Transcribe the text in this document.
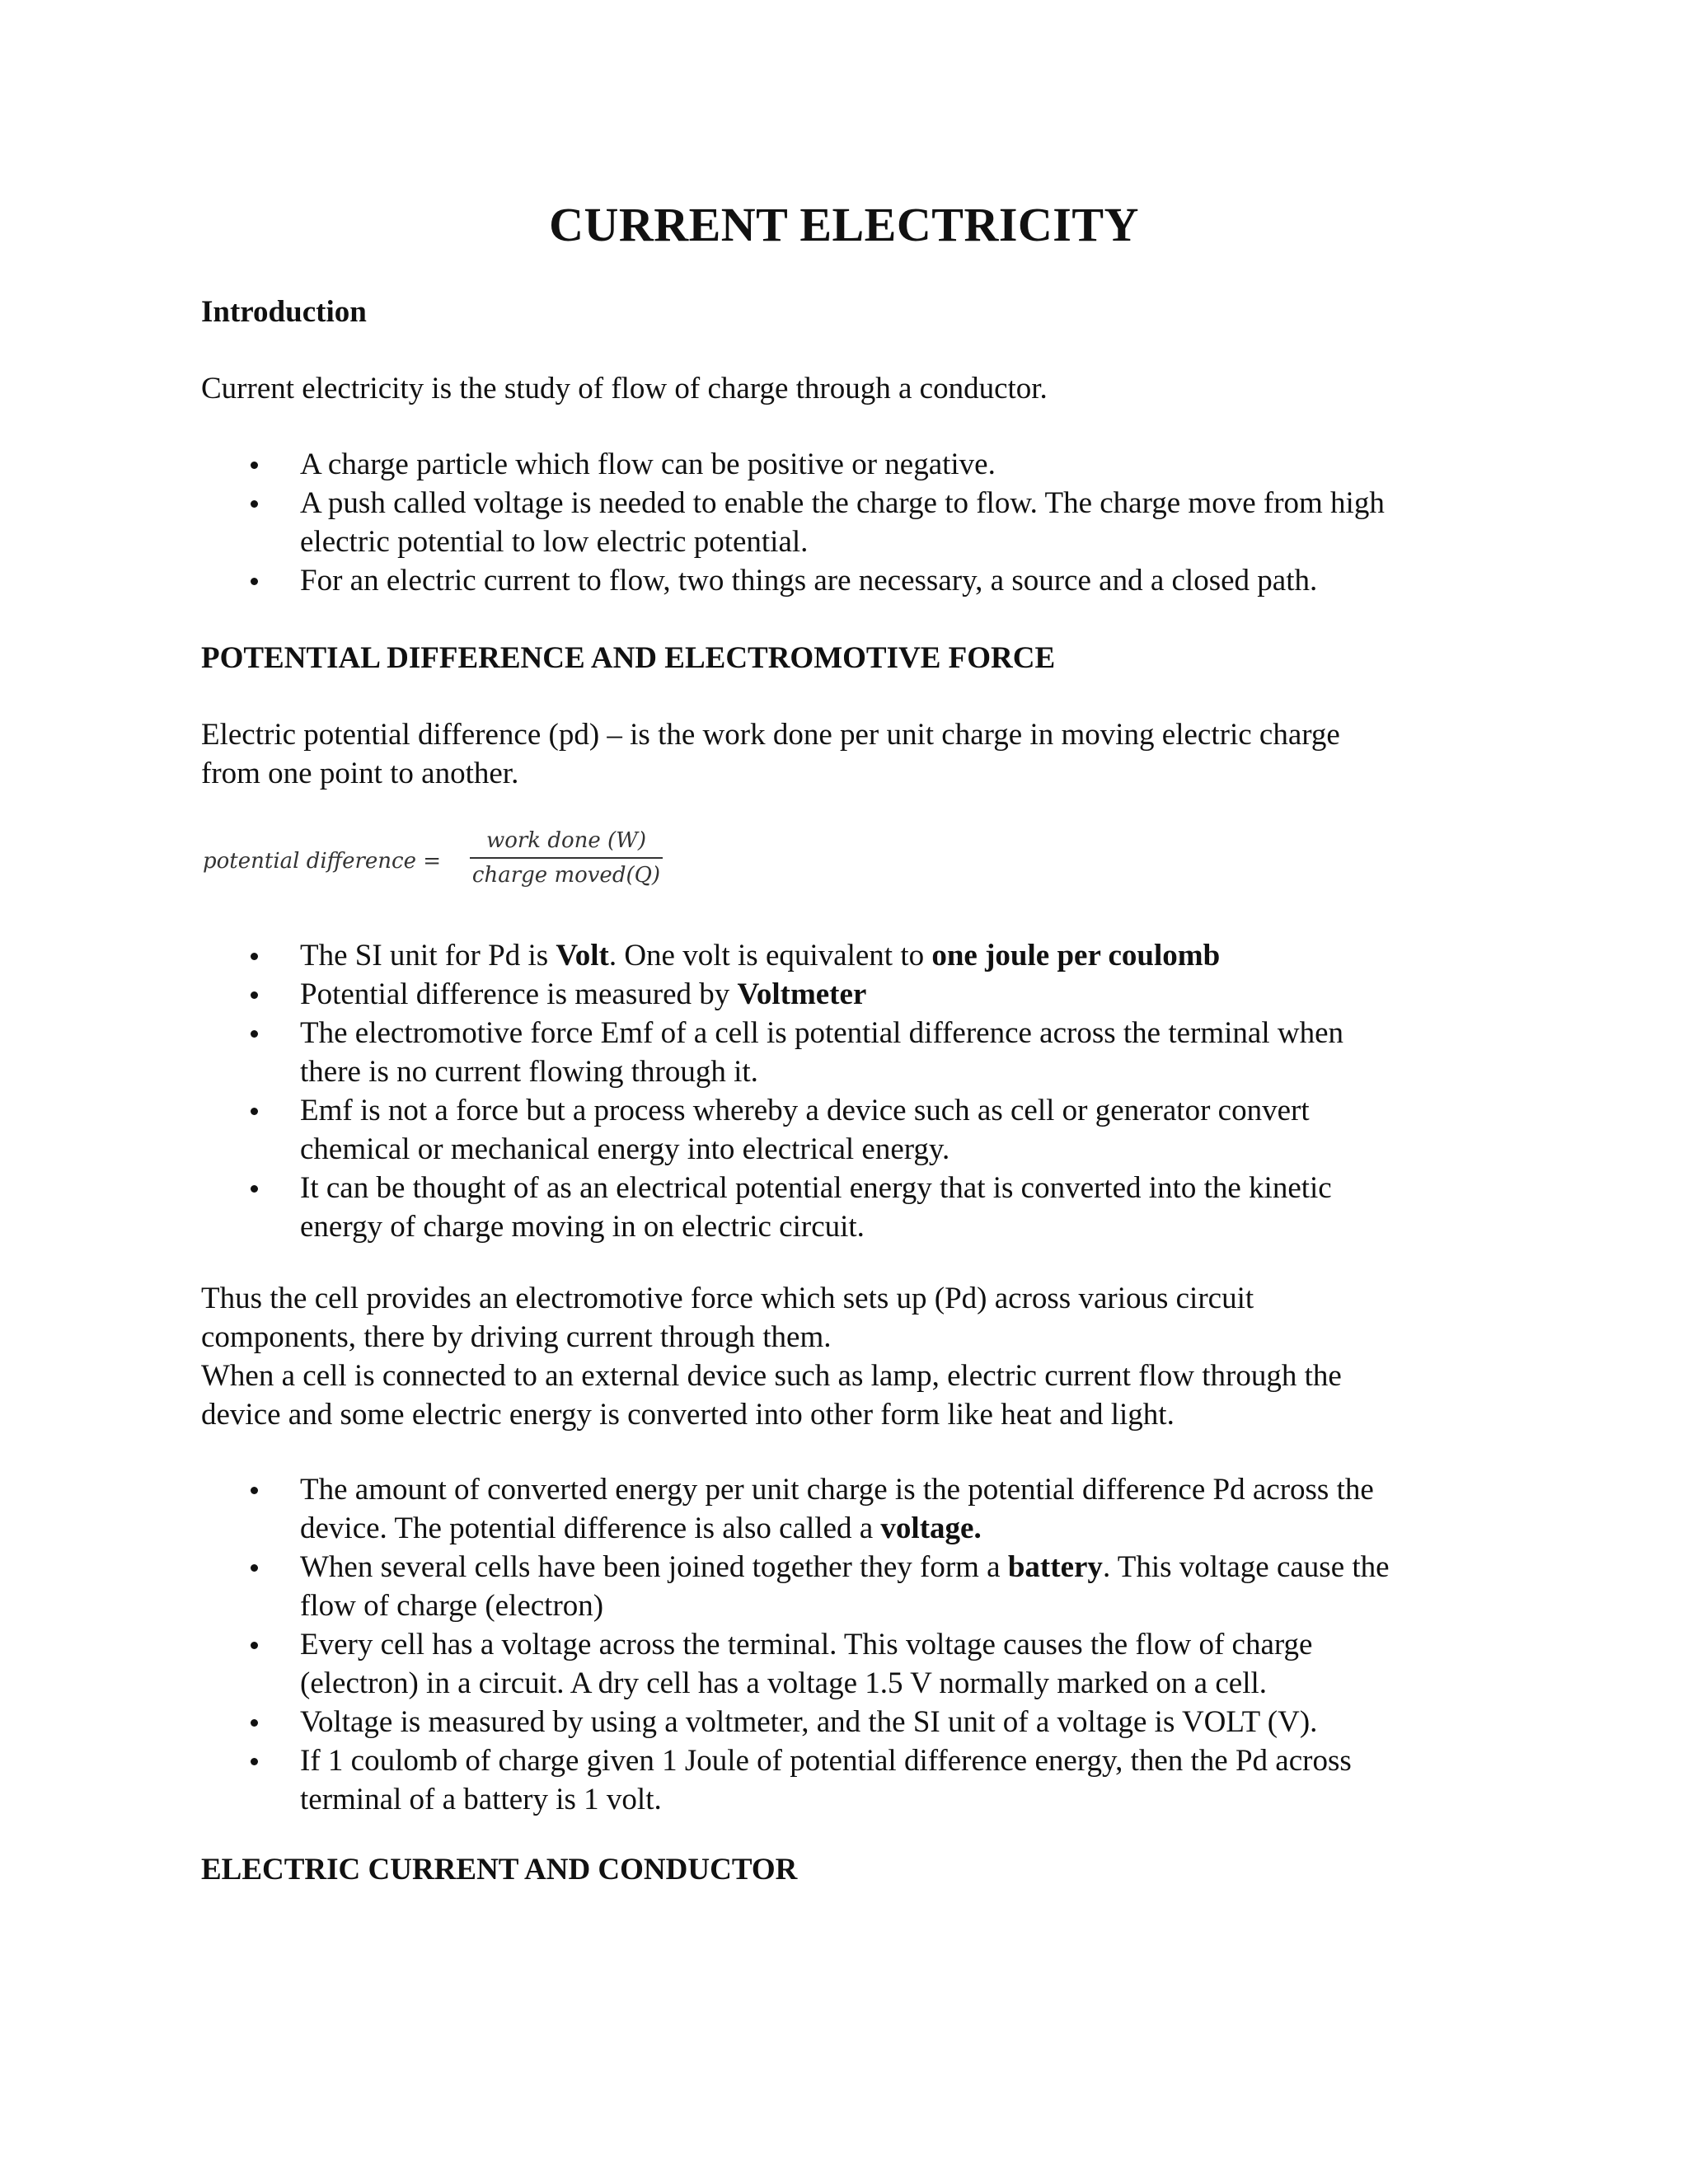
CURRENT ELECTRICITY
Introduction
Current electricity is the study of flow of charge through a conductor.
A charge particle which flow can be positive or negative.
A push called voltage is needed to enable the charge to flow. The charge move from high
electric potential to low electric potential.
For an electric current to flow, two things are necessary, a source and a closed path.
POTENTIAL DIFFERENCE AND ELECTROMOTIVE FORCE
Electric potential difference (pd) – is the work done per unit charge in moving electric charge
from one point to another.
potential difference =
work done (W)
charge moved(Q)
The SI unit for Pd is Volt. One volt is equivalent to one joule per coulomb
Potential difference is measured by Voltmeter
The electromotive force Emf of a cell is potential difference across the terminal when
there is no current flowing through it.
Emf is not a force but a process whereby a device such as cell or generator convert
chemical or mechanical energy into electrical energy.
It can be thought of as an electrical potential energy that is converted into the kinetic
energy of charge moving in on electric circuit.
Thus the cell provides an electromotive force which sets up (Pd) across various circuit
components, there by driving current through them.
When a cell is connected to an external device such as lamp, electric current flow through the
device and some electric energy is converted into other form like heat and light.
The amount of converted energy per unit charge is the potential difference Pd across the
device. The potential difference is also called a voltage.
When several cells have been joined together they form a battery. This voltage cause the
flow of charge (electron)
Every cell has a voltage across the terminal. This voltage causes the flow of charge
(electron) in a circuit. A dry cell has a voltage 1.5 V normally marked on a cell.
Voltage is measured by using a voltmeter, and the SI unit of a voltage is VOLT (V).
If 1 coulomb of charge given 1 Joule of potential difference energy, then the Pd across
terminal of a battery is 1 volt.
ELECTRIC CURRENT AND CONDUCTOR
